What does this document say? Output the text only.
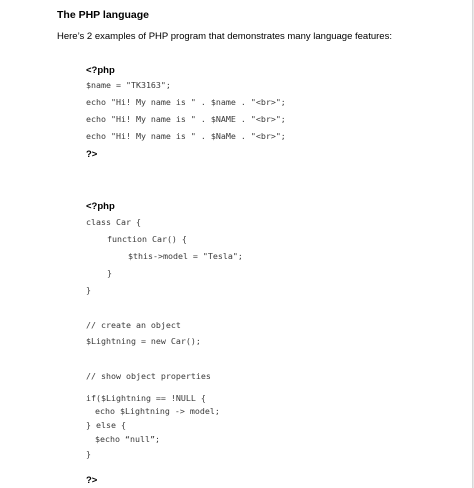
The PHP language
Here’s 2 examples of PHP program that demonstrates many language features:
<?php
$name = "TK3163";
echo "Hi! My name is " . $name . "<br>";
echo "Hi! My name is " . $NAME . "<br>";
echo "Hi! My name is " . $NaMe . "<br>";
?>
<?php
class Car {
function Car() {
$this->model = "Tesla";
}
}
// create an object
$Lightning = new Car();
// show object properties
if($Lightning == !NULL {
echo $Lightning -> model;
} else {
$echo “null”;
}
?>
